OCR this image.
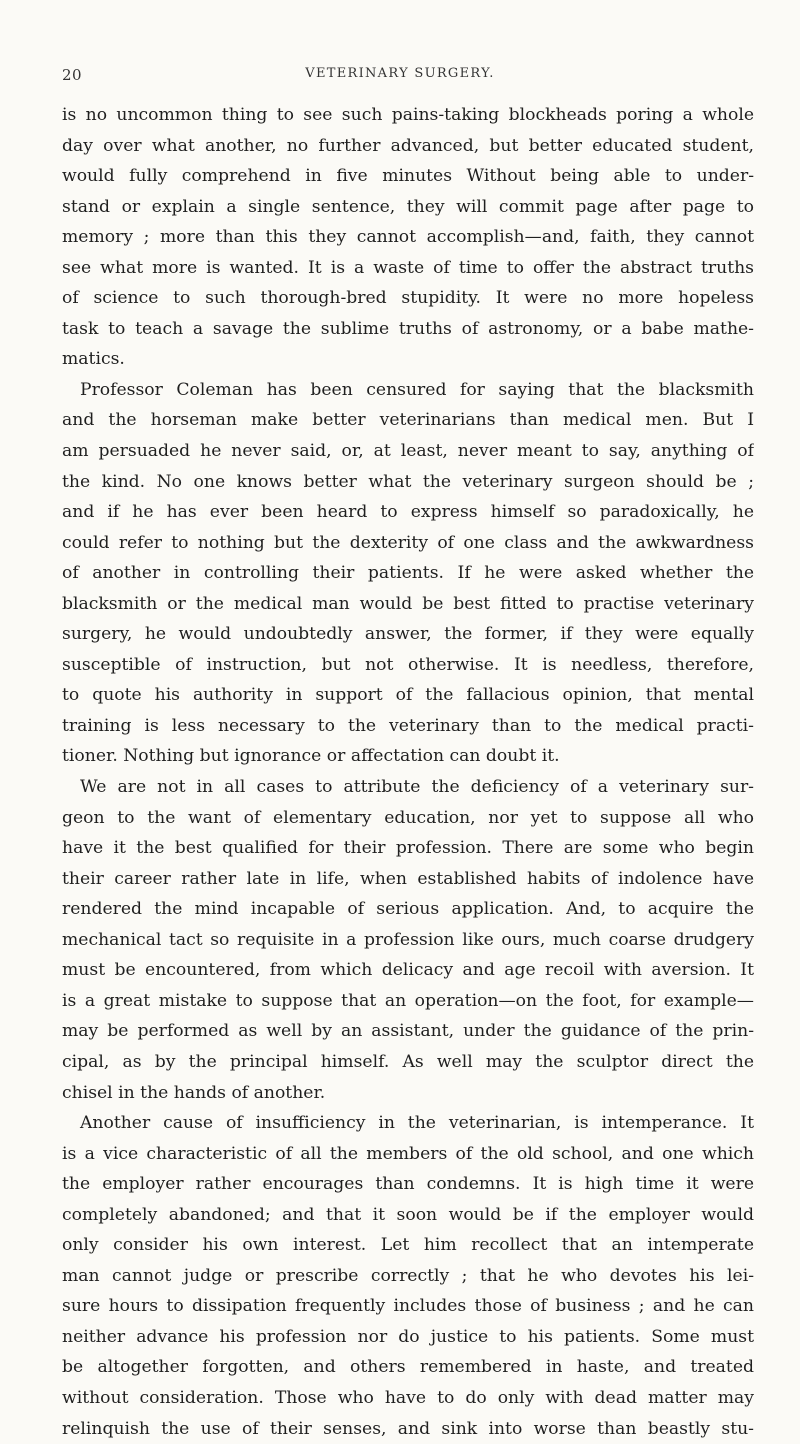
20	VETERINARY SURGERY.
is no uncommon thing to see such pains-taking blockheads poring a whole
day over what another, no further advanced, but better educated student,
would fully comprehend in five minutes Without being able to under-
stand or explain a single sentence, they will commit page after page to
memory ; more than this they cannot accomplish—and, faith, they cannot
see what more is wanted. It is a waste of time to offer the abstract truths
of science to such thorough-bred stupidity. It were no more hopeless
task to teach a savage the sublime truths of astronomy, or a babe mathe-
matics.
Professor Coleman has been censured for saying that the blacksmith
and the horseman make better veterinarians than medical men. But I
am persuaded he never said, or, at least, never meant to say, anything of
the kind. No one knows better what the veterinary surgeon should be ;
and if he has ever been heard to express himself so paradoxically, he
could refer to nothing but the dexterity of one class and the awkwardness
of another in controlling their patients. If he were asked whether the
blacksmith or the medical man would be best fitted to practise veterinary
surgery, he would undoubtedly answer, the former, if they were equally
susceptible of instruction, but not otherwise. It is needless, therefore,
to quote his authority in support of the fallacious opinion, that mental
training is less necessary to the veterinary than to the medical practi-
tioner. Nothing but ignorance or affectation can doubt it.
We are not in all cases to attribute the deficiency of a veterinary sur-
geon to the want of elementary education, nor yet to suppose all who
have it the best qualified for their profession. There are some who begin
their career rather late in life, when established habits of indolence have
rendered the mind incapable of serious application. And, to acquire the
mechanical tact so requisite in a profession like ours, much coarse drudgery
must be encountered, from which delicacy and age recoil with aversion. It
is a great mistake to suppose that an operation—on the foot, for example—
may be performed as well by an assistant, under the guidance of the prin-
cipal, as by the principal himself. As well may the sculptor direct the
chisel in the hands of another.
Another cause of insufficiency in the veterinarian, is intemperance. It
is a vice characteristic of all the members of the old school, and one which
the employer rather encourages than condemns. It is high time it were
completely abandoned; and that it soon would be if the employer would
only consider his own interest. Let him recollect that an intemperate
man cannot judge or prescribe correctly ; that he who devotes his lei-
sure hours to dissipation frequently includes those of business ; and he can
neither advance his profession nor do justice to his patients. Some must
be altogether forgotten, and others remembered in haste, and treated
without consideration. Those who have to do only with dead matter may
relinquish the use of their senses, and sink into worse than beastly stu-
